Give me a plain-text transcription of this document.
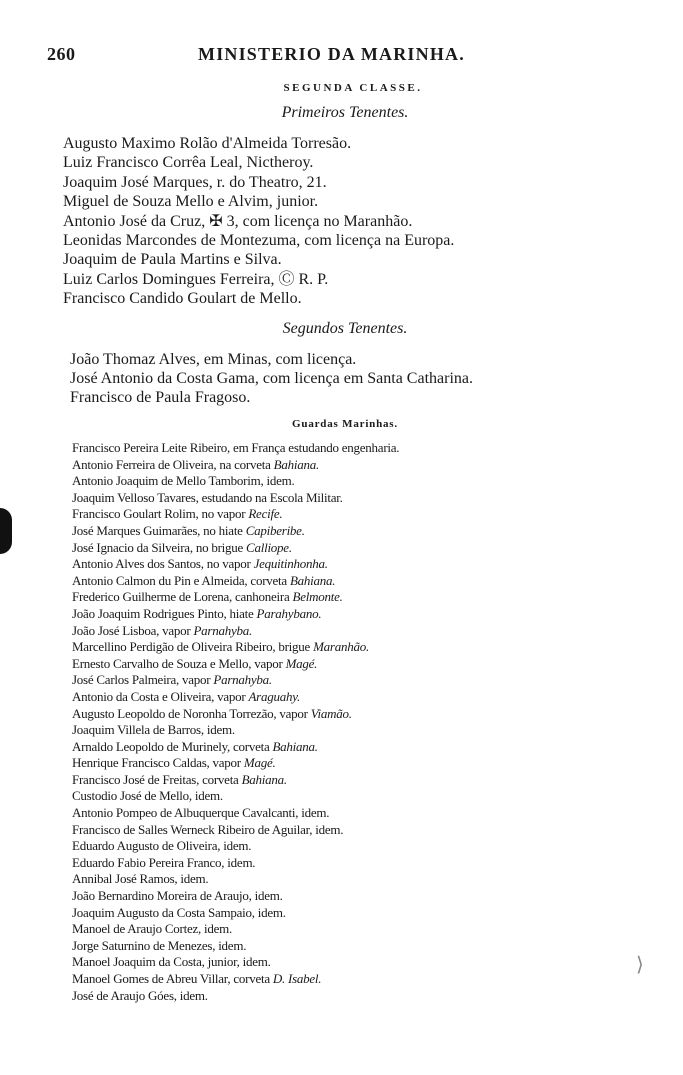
260	MINISTERIO DA MARINHA.
SEGUNDA CLASSE.
Primeiros Tenentes.
Augusto Maximo Rolão d'Almeida Torresão.
Luiz Francisco Corrêa Leal, Nictheroy.
Joaquim José Marques, r. do Theatro, 21.
Miguel de Souza Mello e Alvim, junior.
Antonio José da Cruz, ✠ 3, com licença no Maranhão.
Leonidas Marcondes de Montezuma, com licença na Europa.
Joaquim de Paula Martins e Silva.
Luiz Carlos Domingues Ferreira, Ⓒ R. P.
Francisco Candido Goulart de Mello.
Segundos Tenentes.
João Thomaz Alves, em Minas, com licença.
José Antonio da Costa Gama, com licença em Santa Catharina.
Francisco de Paula Fragoso.
Guardas Marinhas.
Francisco Pereira Leite Ribeiro, em França estudando engenharia.
Antonio Ferreira de Oliveira, na corveta Bahiana.
Antonio Joaquim de Mello Tamborim, idem.
Joaquim Velloso Tavares, estudando na Escola Militar.
Francisco Goulart Rolim, no vapor Recife.
José Marques Guimarães, no hiate Capiberibe.
José Ignacio da Silveira, no brigue Calliope.
Antonio Alves dos Santos, no vapor Jequitinhonha.
Antonio Calmon du Pin e Almeida, corveta Bahiana.
Frederico Guilherme de Lorena, canhoneira Belmonte.
João Joaquim Rodrigues Pinto, hiate Parahybano.
João José Lisboa, vapor Parnahyba.
Marcellino Perdigão de Oliveira Ribeiro, brigue Maranhão.
Ernesto Carvalho de Souza e Mello, vapor Magé.
José Carlos Palmeira, vapor Parnahyba.
Antonio da Costa e Oliveira, vapor Araguahy.
Augusto Leopoldo de Noronha Torrezão, vapor Viamão.
Joaquim Villela de Barros, idem.
Arnaldo Leopoldo de Murinely, corveta Bahiana.
Henrique Francisco Caldas, vapor Magé.
Francisco José de Freitas, corveta Bahiana.
Custodio José de Mello, idem.
Antonio Pompeo de Albuquerque Cavalcanti, idem.
Francisco de Salles Werneck Ribeiro de Aguilar, idem.
Eduardo Augusto de Oliveira, idem.
Eduardo Fabio Pereira Franco, idem.
Annibal José Ramos, idem.
João Bernardino Moreira de Araujo, idem.
Joaquim Augusto da Costa Sampaio, idem.
Manoel de Araujo Cortez, idem.
Jorge Saturnino de Menezes, idem.
Manoel Joaquim da Costa, junior, idem.
Manoel Gomes de Abreu Villar, corveta D. Isabel.
José de Araujo Góes, idem.
⟩
